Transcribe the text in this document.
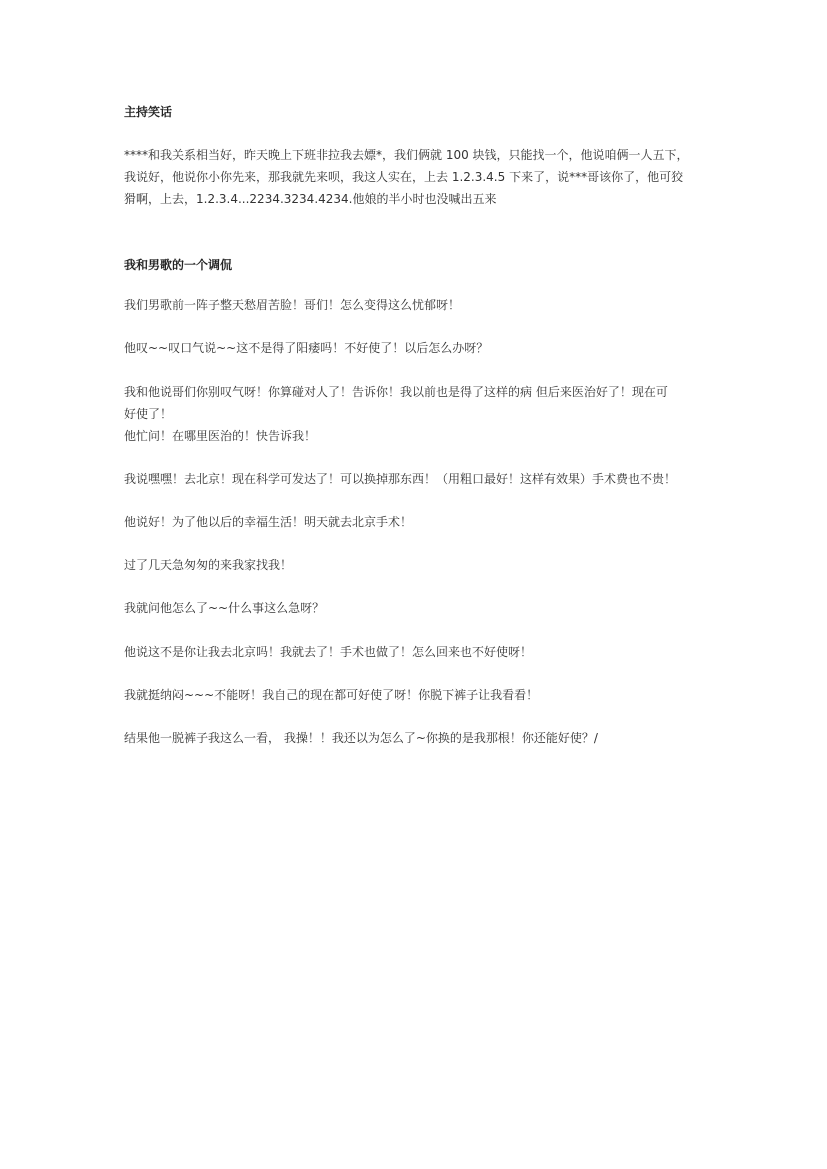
主持笑话
****和我关系相当好，昨天晚上下班非拉我去嫖*，我们俩就 100 块钱，只能找一个，他说咱俩一人五下，
我说好，他说你小你先来，那我就先来呗，我这人实在，上去 1.2.3.4.5 下来了，说***哥该你了，他可狡
猾啊，上去，1.2.3.4...2234.3234.4234.他娘的半小时也没喊出五来
我和男歌的一个调侃
我们男歌前一阵子整天愁眉苦脸！哥们！怎么变得这么忧郁呀！
他叹~~叹口气说~~这不是得了阳痿吗！不好使了！以后怎么办呀？
我和他说哥们你别叹气呀！你算碰对人了！告诉你！我以前也是得了这样的病 但后来医治好了！现在可
好使了！
他忙问！在哪里医治的！快告诉我！
我说嘿嘿！去北京！现在科学可发达了！可以换掉那东西！（用粗口最好！这样有效果）手术费也不贵！
他说好！为了他以后的幸福生活！明天就去北京手术！
过了几天急匆匆的来我家找我！
我就问他怎么了~~什么事这么急呀？
他说这不是你让我去北京吗！我就去了！手术也做了！怎么回来也不好使呀！
我就挺纳闷~~~不能呀！我自己的现在都可好使了呀！你脱下裤子让我看看！
结果他一脱裤子我这么一看， 我操！！我还以为怎么了~你换的是我那根！你还能好使？/
